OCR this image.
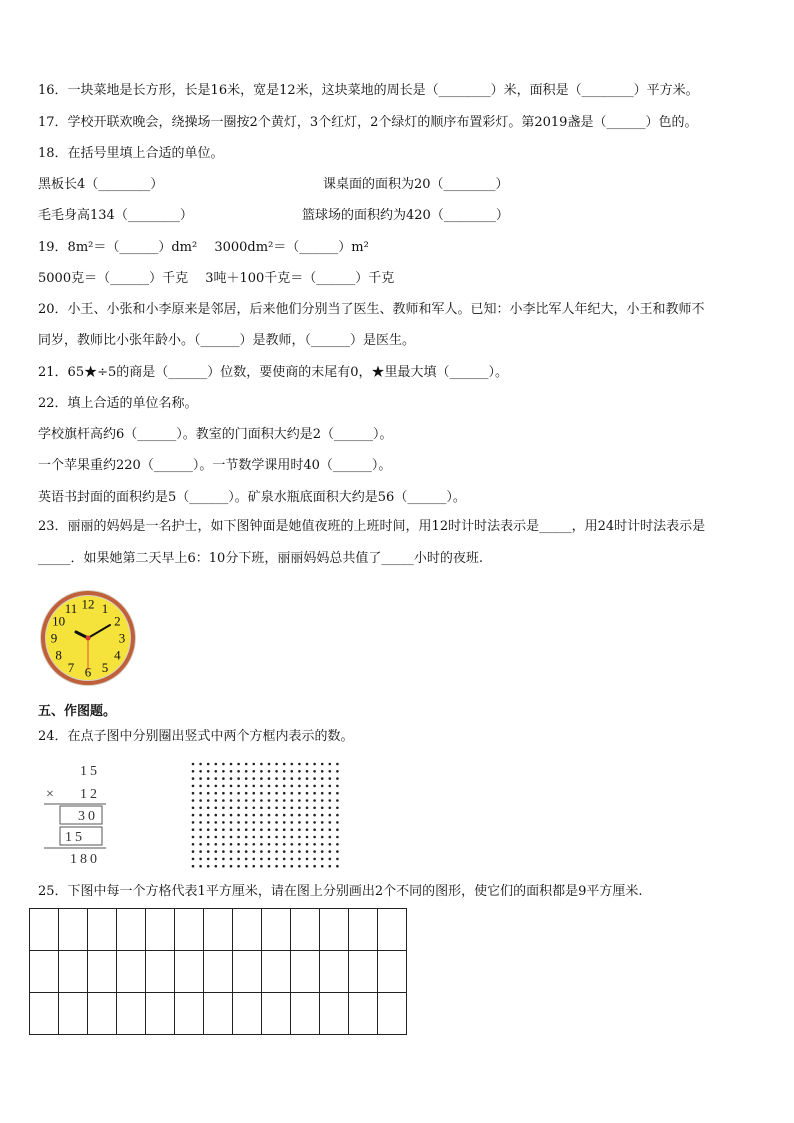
16．一块菜地是长方形，长是16米，宽是12米，这块菜地的周长是（________）米，面积是（________）平方米。
17．学校开联欢晚会，绕操场一圈按2个黄灯，3个红灯，2个绿灯的顺序布置彩灯。第2019盏是（______）色的。
18．在括号里填上合适的单位。
黑板长4（________）	课桌面的面积为20（________）
毛毛身高134（________）	篮球场的面积约为420（________）
19．8m²＝（______）dm²　 3000dm²＝（______）m²
5000克＝（______）千克　 3吨＋100千克＝（______）千克
20．小王、小张和小李原来是邻居，后来他们分别当了医生、教师和军人。已知：小李比军人年纪大，小王和教师不
同岁，教师比小张年龄小。（______）是教师，（______）是医生。
21．65★÷5的商是（______）位数，要使商的末尾有0，★里最大填（______）。
22．填上合适的单位名称。
学校旗杆高约6（______）。教室的门面积大约是2（______）。
一个苹果重约220（______）。一节数学课用时40（______）。
英语书封面的面积约是5（______）。矿泉水瓶底面积大约是56（______）。
23．丽丽的妈妈是一名护士，如下图钟面是她值夜班的上班时间，用12时计时法表示是_____，用24时计时法表示是
_____．如果她第二天早上6：10分下班，丽丽妈妈总共值了_____小时的夜班.
12 1
2
3
4
5
6
7
8
9
10
11
五、作图题。
24．在点子图中分别圈出竖式中两个方框内表示的数。
15
× 12
30
15
180
25．下图中每一个方格代表1平方厘米，请在图上分别画出2个不同的图形，使它们的面积都是9平方厘米.
